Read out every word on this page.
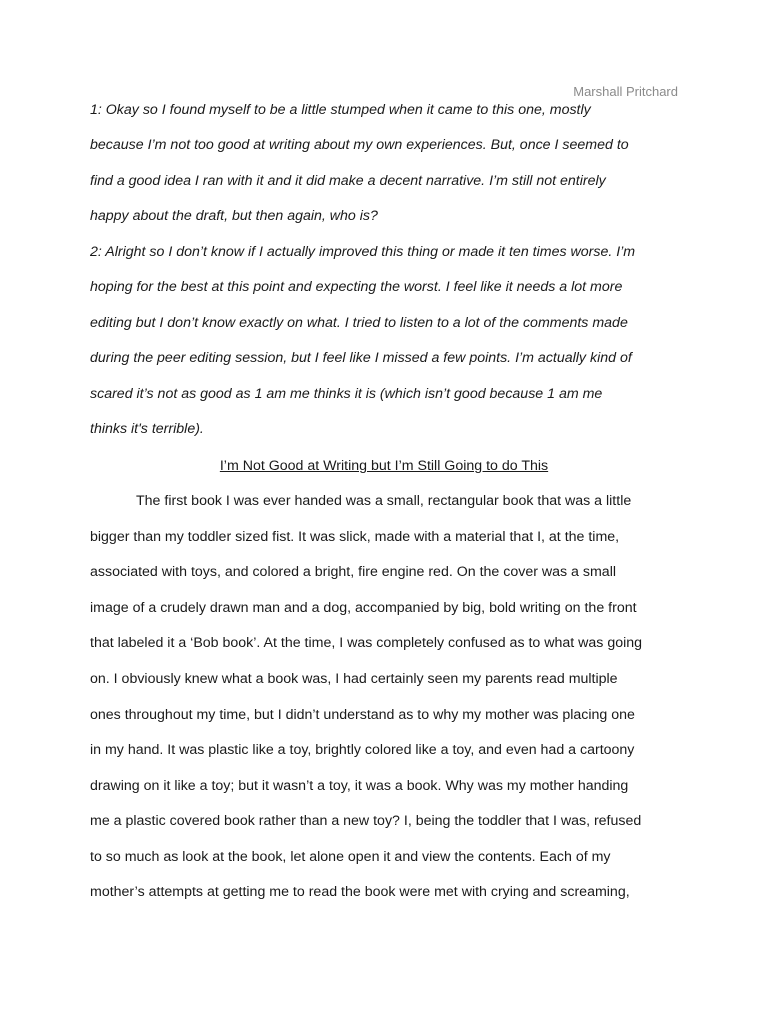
Marshall Pritchard
1: Okay so I found myself to be a little stumped when it came to this one, mostly
because I’m not too good at writing about my own experiences. But, once I seemed to
find a good idea I ran with it and it did make a decent narrative. I’m still not entirely
happy about the draft, but then again, who is?
2: Alright so I don’t know if I actually improved this thing or made it ten times worse. I’m
hoping for the best at this point and expecting the worst. I feel like it needs a lot more
editing but I don’t know exactly on what. I tried to listen to a lot of the comments made
during the peer editing session, but I feel like I missed a few points. I’m actually kind of
scared it’s not as good as 1 am me thinks it is (which isn’t good because 1 am me
thinks it's terrible).
I’m Not Good at Writing but I’m Still Going to do This
The first book I was ever handed was a small, rectangular book that was a little
bigger than my toddler sized fist. It was slick, made with a material that I, at the time,
associated with toys, and colored a bright, fire engine red. On the cover was a small
image of a crudely drawn man and a dog, accompanied by big, bold writing on the front
that labeled it a ‘Bob book’. At the time, I was completely confused as to what was going
on. I obviously knew what a book was, I had certainly seen my parents read multiple
ones throughout my time, but I didn’t understand as to why my mother was placing one
in my hand. It was plastic like a toy, brightly colored like a toy, and even had a cartoony
drawing on it like a toy; but it wasn’t a toy, it was a book. Why was my mother handing
me a plastic covered book rather than a new toy? I, being the toddler that I was, refused
to so much as look at the book, let alone open it and view the contents. Each of my
mother’s attempts at getting me to read the book were met with crying and screaming,
